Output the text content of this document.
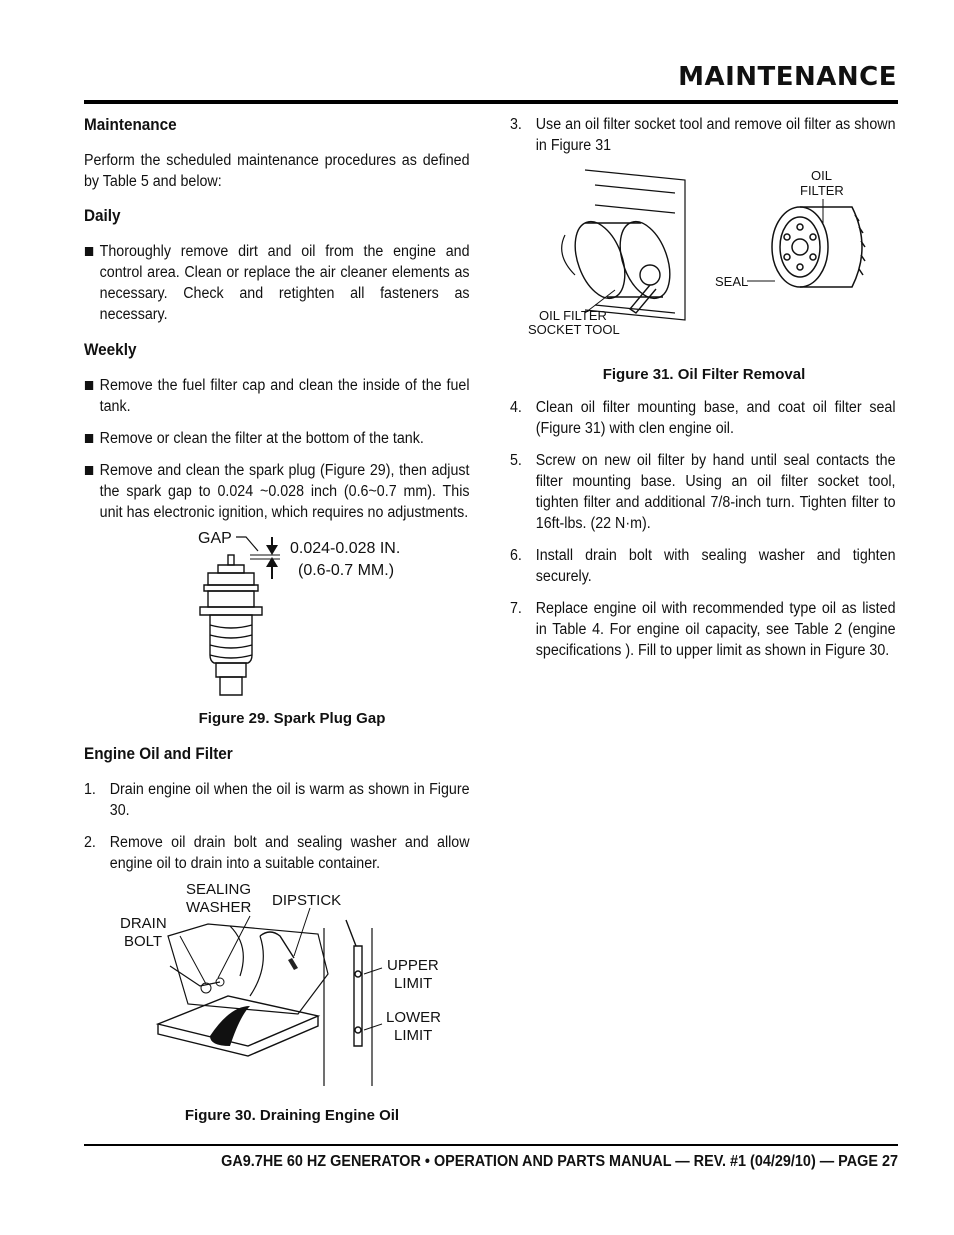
MAINTENANCE
Maintenance

Perform the scheduled maintenance procedures as defined by Table 5 and below:

Daily
Thoroughly remove dirt and oil from the engine and control area. Clean or replace the air cleaner elements as necessary. Check and retighten all fasteners as necessary.
Weekly
Remove the fuel filter cap and clean the inside of the fuel tank.
Remove or clean the filter at the bottom of the tank.
Remove and clean the spark plug (Figure 29), then adjust the spark gap to 0.024 ~0.028 inch (0.6~0.7 mm). This unit has electronic ignition, which requires no adjustments.
GAP
0.024-0.028 IN.
(0.6-0.7 MM.)
Figure 29. Spark Plug Gap
Engine Oil and Filter
1. Drain engine oil when the oil is warm as shown in Figure 30.
2. Remove oil drain bolt and sealing washer and allow engine oil to drain into a suitable container.
SEALING
WASHER DIPSTICK
DRAIN
BOLT
UPPER
LIMIT
LOWER
LIMIT
Figure 30. Draining Engine Oil
3. Use an oil filter socket tool and remove oil filter as shown in Figure 31
OIL FILTER
SOCKET TOOL
OIL
FILTER
SEAL
Figure 31. Oil Filter Removal
4. Clean oil filter mounting base, and coat oil filter seal (Figure 31) with clen engine oil.
5. Screw on new oil filter by hand until seal contacts the filter mounting base. Using an oil filter socket tool, tighten filter and additional 7/8-inch turn. Tighten filter to 16ft-lbs. (22 N·m).
6. Install drain bolt with sealing washer and tighten securely.
7. Replace engine oil with recommended type oil as listed in Table 4. For engine oil capacity, see Table 2 (engine specifications ). Fill to upper limit as shown in Figure 30.
GA9.7HE 60 HZ GENERATOR • OPERATION AND PARTS MANUAL — REV. #1 (04/29/10) — PAGE 27
